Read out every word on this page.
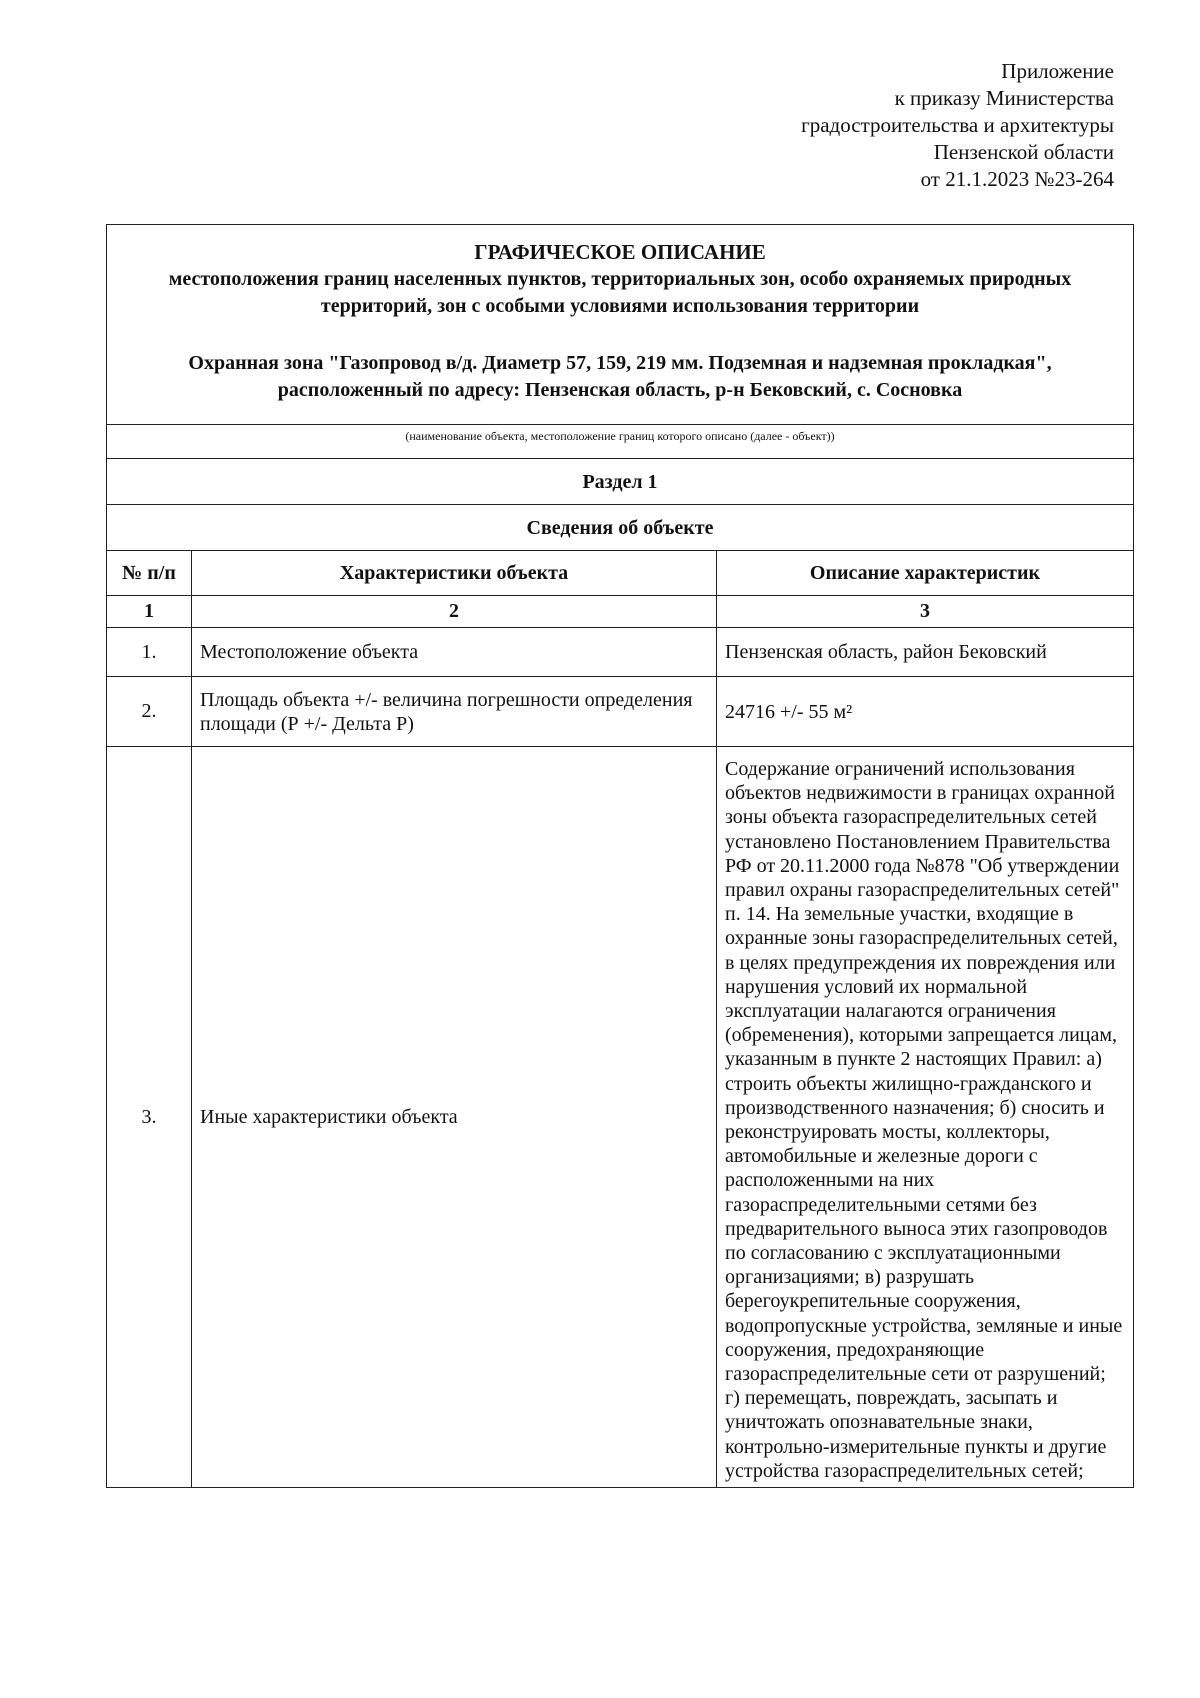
Приложение
к приказу Министерства
градостроительства и архитектуры
Пензенской области
от 21.1.2023 №23-264
ГРАФИЧЕСКОЕ ОПИСАНИЕ
местоположения границ населенных пунктов, территориальных зон, особо охраняемых природных территорий, зон с особыми условиями использования территории
Охранная зона "Газопровод в/д. Диаметр 57, 159, 219 мм. Подземная и надземная прокладкая", расположенный по адресу: Пензенская область, р-н Бековский, с. Сосновка
(наименование объекта, местоположение границ которого описано (далее - объект))
Раздел 1
Сведения об объекте
№ п/п	Характеристики объекта	Описание характеристик
1	2	3
1.	Местоположение объекта	Пензенская область, район Бековский
2.	Площадь объекта +/- величина погрешности определения площади (Р +/- Дельта Р)	24716 +/- 55 м²
3.	Иные характеристики объекта	Содержание ограничений использования объектов недвижимости в границах охранной зоны объекта газораспределительных сетей установлено Постановлением Правительства РФ от 20.11.2000 года №878 "Об утверждении правил охраны газораспределительных сетей" п. 14. На земельные участки, входящие в охранные зоны газораспределительных сетей, в целях предупреждения их повреждения или нарушения условий их нормальной эксплуатации налагаются ограничения (обременения), которыми запрещается лицам, указанным в пункте 2 настоящих Правил: а) строить объекты жилищно-гражданского и производственного назначения; б) сносить и реконструировать мосты, коллекторы, автомобильные и железные дороги с расположенными на них газораспределительными сетями без предварительного выноса этих газопроводов по согласованию с эксплуатационными организациями; в) разрушать берегоукрепительные сооружения, водопропускные устройства, земляные и иные сооружения, предохраняющие газораспределительные сети от разрушений; г) перемещать, повреждать, засыпать и уничтожать опознавательные знаки, контрольно-измерительные пункты и другие устройства газораспределительных сетей;
